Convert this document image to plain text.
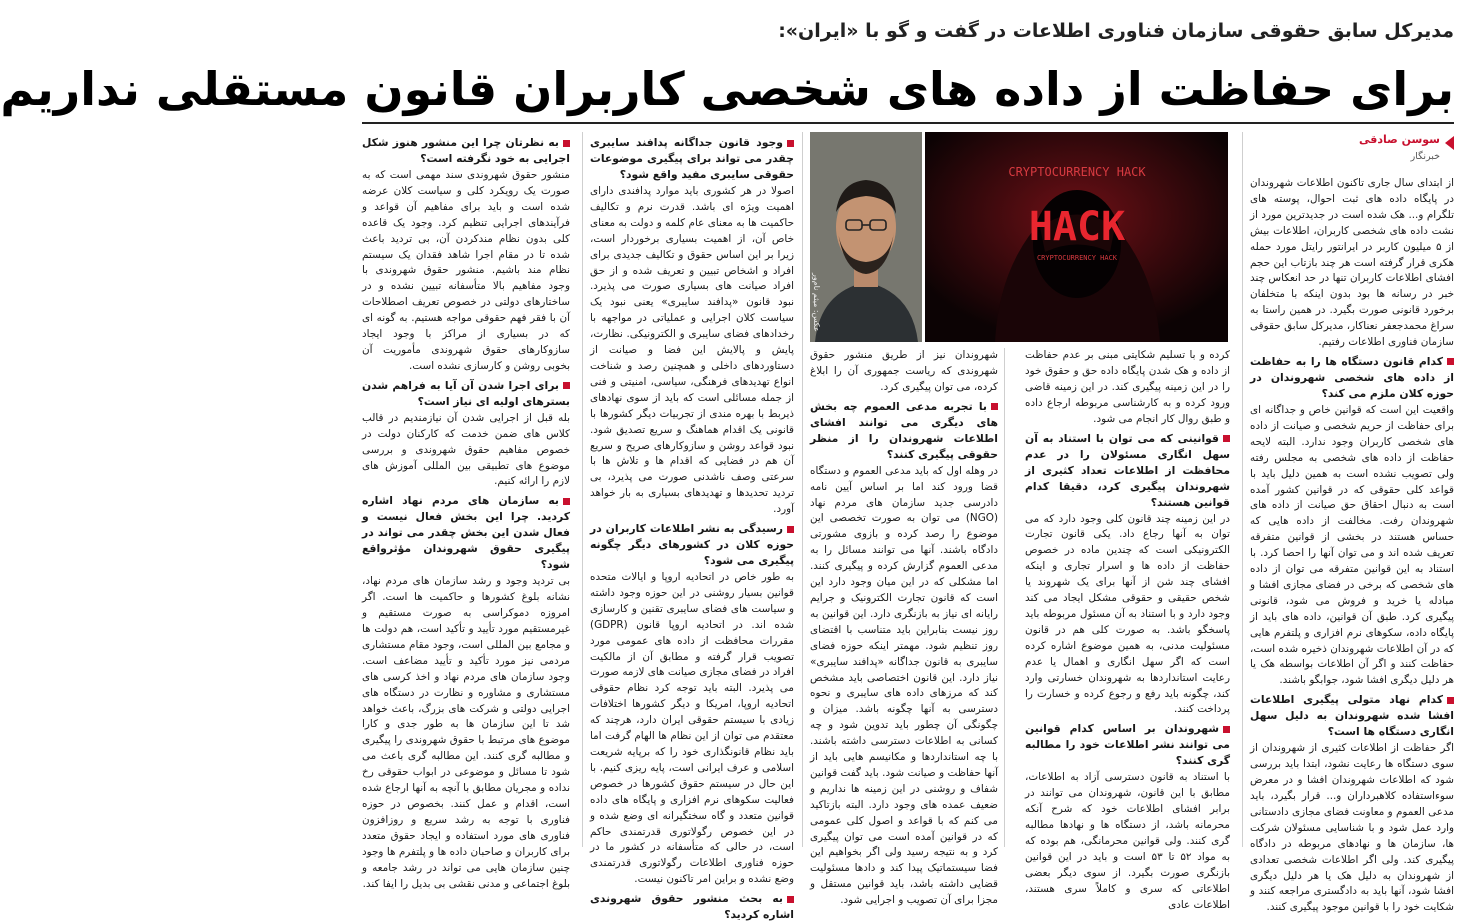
مدیرکل سابق حقوقی سازمان فناوری اطلاعات در گفت و گو با «ایران»:
برای حفاظت از داده های شخصی کاربران قانون مستقلی نداریم
سوسن صادقی
خبرنگار

از ابتدای سال جاری تاکنون اطلاعات شهروندان در پایگاه داده های ثبت احوال، پوسته های تلگرام و... هک شده است در جدیدترین مورد از نشت داده های شخصی کاربران، اطلاعات بیش از ۵ میلیون کاربر در ایرانتور رایتل مورد حمله هکری قرار گرفته است هر چند بازتاب این حجم افشای اطلاعات کاربران تنها در حد انعکاس چند خبر در رسانه ها بود بدون اینکه با متخلفان برخورد قانونی صورت بگیرد. در همین راستا به سراغ محمدجعفر نعناکار، مدیرکل سابق حقوقی سازمان فناوری اطلاعات رفتیم.

کدام قانون دستگاه ها را به حفاظت از داده های شخصی شهروندان در حوزه کلان ملزم می کند؟

واقعیت این است که قوانین خاص و جداگانه ای برای حفاظت از حریم شخصی و صیانت از داده های شخصی کاربران وجود ندارد. البته لایحه حفاظت از داده های شخصی به مجلس رفته ولی تصویب نشده است به همین دلیل باید با قواعد کلی حقوقی که در قوانین کشور آمده است به دنبال احقاق حق صیانت از داده های شهروندان رفت. مخالفت از داده هایی که حساس هستند در بخشی از قوانین متفرقه تعریف شده اند و می توان آنها را احصا کرد. با استناد به این قوانین متفرقه می توان از داده های شخصی که برخی در فضای مجازی افشا و مبادله یا خرید و فروش می شود، قانونی پیگیری کرد. طبق آن قوانین، داده های باید از پایگاه داده، سکوهای نرم افزاری و پلتفرم هایی که در آن اطلاعات شهروندان ذخیره شده است، حفاظت کنند و اگر آن اطلاعات بواسطه هک یا هر دلیل دیگری افشا شود، جوابگو باشند.

کدام نهاد متولی پیگیری اطلاعات افشا شده شهروندان به دلیل سهل انگاری دستگاه ها است؟

اگر حفاظت از اطلاعات کثیری از شهروندان از سوی دستگاه ها رعایت نشود، ابتدا باید بررسی شود که اطلاعات شهروندان افشا و در معرض سوءاستفاده کلاهبرداران و... قرار بگیرد، باید مدعی العموم و معاونت فضای مجازی دادستانی وارد عمل شود و با شناسایی مسئولان شرکت ها، سازمان ها و نهادهای مربوطه در دادگاه پیگیری کند. ولی اگر اطلاعات شخصی تعدادی از شهروندان به دلیل هک یا هر دلیل دیگری افشا شود، آنها باید به دادگستری مراجعه کنند و شکایت خود را با قوانین موجود پیگیری کنند.

CRYPTOCURRENCY HACK
HACK
CRYPTOCURRENCY HACK
عکس: میثم نام‌ور

کرده و با تسلیم شکایتی مبنی بر عدم حفاظت از داده و هک شدن پایگاه داده حق و حقوق خود را در این زمینه پیگیری کند. در این زمینه قاضی ورود کرده و به کارشناسی مربوطه ارجاع داده و طبق روال کار انجام می شود.

قوانینی که می توان با استناد به آن سهل انگاری مسئولان را در عدم محافظت از اطلاعات تعداد کثیری از شهروندان پیگیری کرد، دقیقا کدام قوانین هستند؟

در این زمینه چند قانون کلی وجود دارد که می توان به آنها رجاع داد. یکی قانون تجارت الکترونیکی است که چندین ماده در خصوص حفاظت از داده ها و اسرار تجاری و اینکه افشای چند شن از آنها برای یک شهروند یا شخص حقیقی و حقوقی مشکل ایجاد می کند وجود دارد و با استناد به آن مسئول مربوطه باید پاسخگو باشد. به صورت کلی هم در قانون مسئولیت مدنی، به همین موضوع اشاره کرده است که اگر سهل انگاری و اهمال یا عدم رعایت استانداردها به شهروندان خسارتی وارد کند، چگونه باید رفع و رجوع کرده و خسارت را پرداخت کنند.

شهروندان بر اساس کدام قوانین می توانند نشر اطلاعات خود را مطالبه گری کنند؟

با استناد به قانون دسترسی آزاد به اطلاعات، مطابق با این قانون، شهروندان می توانند در برابر افشای اطلاعات خود که شرح آنکه محرمانه باشد، از دستگاه ها و نهادها مطالبه گری کنند. ولی قوانین محرمانگی، هم بوده که به مواد ۵۲ تا ۵۳ است و باید در این قوانین بازنگری صورت بگیرد. از سوی دیگر بعضی اطلاعاتی که سری و کاملاً سری هستند، اطلاعات عادی

شهروندان نیز از طریق منشور حقوق شهروندی که ریاست جمهوری آن را ابلاغ کرده، می توان پیگیری کرد.

با تجربه مدعی العموم چه بخش های دیگری می توانند افشای اطلاعات شهروندان را از منظر حقوقی پیگیری کنند؟

در وهله اول که باید مدعی العموم و دستگاه قضا ورود کند اما بر اساس آیین نامه دادرسی جدید سازمان های مردم نهاد (NGO) می توان به صورت تخصصی این موضوع را رصد کرده و بازوی مشورتی دادگاه باشند. آنها می توانند مسائل را به مدعی العموم گزارش کرده و پیگیری کنند. اما مشکلی که در این میان وجود دارد این است که قانون تجارت الکترونیک و جرایم رایانه ای نیاز به بازنگری دارد. این قوانین به روز نیست بنابراین باید متناسب با اقتضای روز تنظیم شود. مهمتر اینکه حوزه فضای سایبری به قانون جداگانه «پدافند سایبری» نیاز دارد. این قانون اختصاصی باید مشخص کند که مرزهای داده های سایبری و نحوه دسترسی به آنها چگونه باشد. میزان و چگونگی آن چطور باید تدوین شود و چه کسانی به اطلاعات دسترسی داشته باشند. با چه استانداردها و مکانیسم هایی باید از آنها حفاظت و صیانت شود. باید گفت قوانین شفاف و روشنی در این زمینه ها نداریم و ضعیف عمده های وجود دارد. البته بازتاکید می کنم که با قواعد و اصول کلی عمومی که در قوانین آمده است می توان پیگیری کرد و به نتیجه رسید ولی اگر بخواهیم این فضا سیستماتیک پیدا کند و دادها مسئولیت قضایی داشته باشد، باید قوانین مستقل و مجزا برای آن تصویب و اجرایی شود.

وجود قانون جداگانه پدافند سایبری چقدر می تواند برای پیگیری موضوعات حقوقی سایبری مفید واقع شود؟

اصولا در هر کشوری باید موارد پدافندی دارای اهمیت ویژه ای باشد. قدرت نرم و تکالیف حاکمیت ها به معنای عام کلمه و دولت به معنای خاص آن، از اهمیت بسیاری برخوردار است، زیرا بر این اساس حقوق و تکالیف جدیدی برای افراد و اشخاص تبیین و تعریف شده و از حق افراد صیانت های بسیاری صورت می پذیرد. نبود قانون «پدافند سایبری» یعنی نبود یک سیاست کلان اجرایی و عملیاتی در مواجهه با رخدادهای فضای سایبری و الکترونیکی. نظارت، پایش و پالایش این فضا و صیانت از دستاوردهای داخلی و همچنین رصد و شناخت انواع تهدیدهای فرهنگی، سیاسی، امنیتی و فنی از جمله مسائلی است که باید از سوی نهادهای ذیربط با بهره مندی از تجربیات دیگر کشورها با قانونی یک اقدام هماهنگ و سریع تصدیق شود. نبود قواعد روشن و سازوکارهای صریح و سریع آن هم در فضایی که اقدام ها و تلاش ها با سرعتی وصف ناشدنی صورت می پذیرد، بی تردید تحدیدها و تهدیدهای بسیاری به بار خواهد آورد.

رسیدگی به نشر اطلاعات کاربران در حوزه کلان در کشورهای دیگر چگونه پیگیری می شود؟

به طور خاص در اتحادیه اروپا و ایالات متحده قوانین بسیار روشنی در این حوزه وجود داشته و سیاست های فضای سایبری تقنین و کارسازی شده اند. در اتحادیه اروپا قانون (GDPR) مقررات محافظت از داده های عمومی مورد تصویب قرار گرفته و مطابق آن از مالکیت افراد در فضای مجازی صیانت های لازمه صورت می پذیرد. البته باید توجه کرد نظام حقوقی اتحادیه اروپا، امریکا و دیگر کشورها اختلافات زیادی با سیستم حقوقی ایران دارد، هرچند که معتقدم می توان از این نظام ها الهام گرفت اما باید نظام قانونگذاری خود را که برپایه شریعت اسلامی و عرف ایرانی است، پایه ریزی کنیم. با این حال در سیستم حقوق کشورها در خصوص فعالیت سکوهای نرم افزاری و پایگاه های داده قوانین متعدد و گاه سختگیرانه ای وضع شده و در این خصوص رگولاتوری قدرتمندی حاکم است، در حالی که متأسفانه در کشور ما در حوزه فناوری اطلاعات رگولاتوری قدرتمندی وضع نشده و براین امر تاکنون نیست.

به بحث منشور حقوق شهروندی اشاره کردید؟
به نظرتان چرا این منشور هنوز شکل اجرایی به خود نگرفته است؟

منشور حقوق شهروندی سند مهمی است که به صورت یک رویکرد کلی و سیاست کلان عرضه شده است و باید برای مفاهیم آن قواعد و فرآیندهای اجرایی تنظیم کرد. وجود یک قاعده کلی بدون نظام مندکردن آن، بی تردید باعث شده تا در مقام اجرا شاهد فقدان یک سیستم نظام مند باشیم. منشور حقوق شهروندی با وجود مفاهیم بالا متأسفانه تبیین نشده و در ساختارهای دولتی در خصوص تعریف اصطلاحات آن با فقر فهم حقوقی مواجه هستیم. به گونه ای که در بسیاری از مراکز با وجود ایجاد سازوکارهای حقوق شهروندی مأموریت آن بخوبی روشن و کارسازی نشده است.

برای اجرا شدن آن آیا به فراهم شدن بسترهای اولیه ای نیاز است؟

بله قبل از اجرایی شدن آن نیازمندیم در قالب کلاس های ضمن خدمت که کارکنان دولت در خصوص مفاهیم حقوق شهروندی و بررسی موضوع های تطبیقی بین المللی آموزش های لازم را ارائه کنیم.

به سازمان های مردم نهاد اشاره کردید. چرا این بخش فعال نیست و فعال شدن این بخش چقدر می تواند در پیگیری حقوق شهروندان مؤثرواقع شود؟

بی تردید وجود و رشد سازمان های مردم نهاد، نشانه بلوغ کشورها و حاکمیت ها است. اگر امروزه دموکراسی به صورت مستقیم و غیرمستقیم مورد تأیید و تأکید است، هم دولت ها و مجامع بین المللی است، وجود مقام مستشاری مردمی نیز مورد تأکید و تأیید مضاعف است. وجود سازمان های مردم نهاد و اخذ کرسی های مستشاری و مشاوره و نظارت در دستگاه های اجرایی دولتی و شرکت های بزرگ، باعث خواهد شد تا این سازمان ها به طور جدی و کارا موضوع های مرتبط با حقوق شهروندی را پیگیری و مطالبه گری کنند. این مطالبه گری باعث می شود تا مسائل و موضوعی در ابواب حقوقی رخ نداده و مجریان مطابق با آنچه به آنها ارجاع شده است، اقدام و عمل کنند. بخصوص در حوزه فناوری با توجه به رشد سریع و روزافزون فناوری های مورد استفاده و ایجاد حقوق متعدد برای کاربران و صاحبان داده ها و پلتفرم ها وجود چنین سازمان هایی می تواند در رشد جامعه و بلوغ اجتماعی و مدنی نقشی بی بدیل را ایفا کند.
